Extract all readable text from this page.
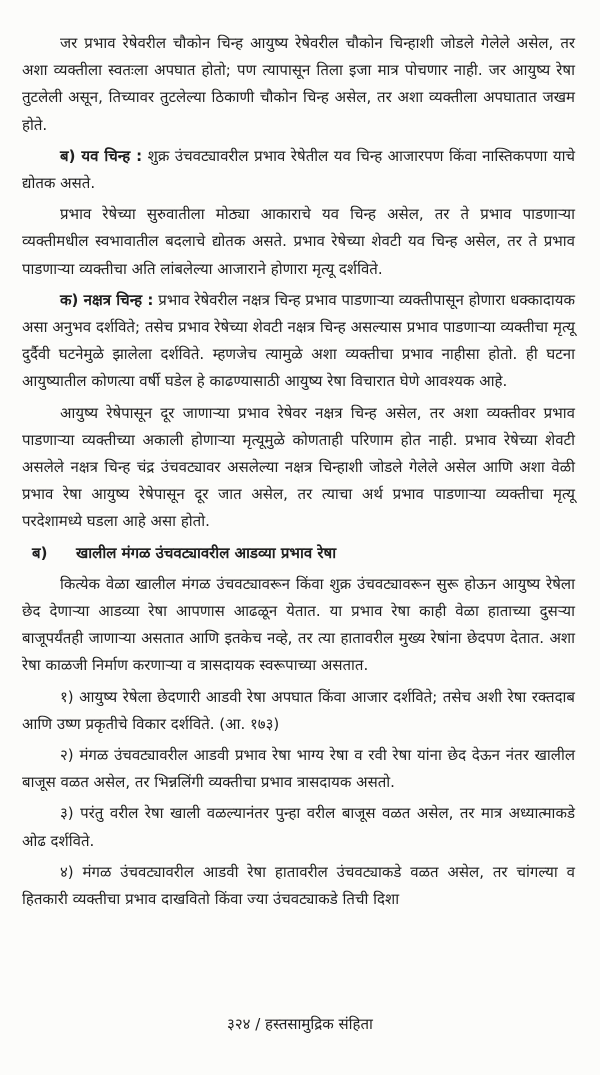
जर प्रभाव रेषेवरील चौकोन चिन्ह आयुष्य रेषेवरील चौकोन चिन्हाशी जोडले गेलेले असेल, तर अशा व्यक्तीला स्वतःला अपघात होतो; पण त्यापासून तिला इजा मात्र पोचणार नाही. जर आयुष्य रेषा तुटलेली असून, तिच्यावर तुटलेल्या ठिकाणी चौकोन चिन्ह असेल, तर अशा व्यक्तीला अपघातात जखम होते.

ब) यव चिन्ह : शुक्र उंचवट्यावरील प्रभाव रेषेतील यव चिन्ह आजारपण किंवा नास्तिकपणा याचे द्योतक असते.

प्रभाव रेषेच्या सुरुवातीला मोठ्या आकाराचे यव चिन्ह असेल, तर ते प्रभाव पाडणाऱ्या व्यक्तीमधील स्वभावातील बदलाचे द्योतक असते. प्रभाव रेषेच्या शेवटी यव चिन्ह असेल, तर ते प्रभाव पाडणाऱ्या व्यक्तीचा अति लांबलेल्या आजाराने होणारा मृत्यू दर्शविते.

क) नक्षत्र चिन्ह : प्रभाव रेषेवरील नक्षत्र चिन्ह प्रभाव पाडणाऱ्या व्यक्तीपासून होणारा धक्कादायक असा अनुभव दर्शविते; तसेच प्रभाव रेषेच्या शेवटी नक्षत्र चिन्ह असल्यास प्रभाव पाडणाऱ्या व्यक्तीचा मृत्यू दुर्दैवी घटनेमुळे झालेला दर्शविते. म्हणजेच त्यामुळे अशा व्यक्तीचा प्रभाव नाहीसा होतो. ही घटना आयुष्यातील कोणत्या वर्षी घडेल हे काढण्यासाठी आयुष्य रेषा विचारात घेणे आवश्यक आहे.

आयुष्य रेषेपासून दूर जाणाऱ्या प्रभाव रेषेवर नक्षत्र चिन्ह असेल, तर अशा व्यक्तीवर प्रभाव पाडणाऱ्या व्यक्तीच्या अकाली होणाऱ्या मृत्यूमुळे कोणताही परिणाम होत नाही. प्रभाव रेषेच्या शेवटी असलेले नक्षत्र चिन्ह चंद्र उंचवट्यावर असलेल्या नक्षत्र चिन्हाशी जोडले गेलेले असेल आणि अशा वेळी प्रभाव रेषा आयुष्य रेषेपासून दूर जात असेल, तर त्याचा अर्थ प्रभाव पाडणाऱ्या व्यक्तीचा मृत्यू परदेशामध्ये घडला आहे असा होतो.

ब) खालील मंगळ उंचवट्यावरील आडव्या प्रभाव रेषा

कित्येक वेळा खालील मंगळ उंचवट्यावरून किंवा शुक्र उंचवट्यावरून सुरू होऊन आयुष्य रेषेला छेद देणाऱ्या आडव्या रेषा आपणास आढळून येतात. या प्रभाव रेषा काही वेळा हाताच्या दुसऱ्या बाजूपर्यंतही जाणाऱ्या असतात आणि इतकेच नव्हे, तर त्या हातावरील मुख्य रेषांना छेदपण देतात. अशा रेषा काळजी निर्माण करणाऱ्या व त्रासदायक स्वरूपाच्या असतात.

१) आयुष्य रेषेला छेदणारी आडवी रेषा अपघात किंवा आजार दर्शविते; तसेच अशी रेषा रक्तदाब आणि उष्ण प्रकृतीचे विकार दर्शविते. (आ. १७३)

२) मंगळ उंचवट्यावरील आडवी प्रभाव रेषा भाग्य रेषा व रवी रेषा यांना छेद देऊन नंतर खालील बाजूस वळत असेल, तर भिन्नलिंगी व्यक्तीचा प्रभाव त्रासदायक असतो.

३) परंतु वरील रेषा खाली वळल्यानंतर पुन्हा वरील बाजूस वळत असेल, तर मात्र अध्यात्माकडे ओढ दर्शविते.

४) मंगळ उंचवट्यावरील आडवी रेषा हातावरील उंचवट्याकडे वळत असेल, तर चांगल्या व हितकारी व्यक्तीचा प्रभाव दाखवितो किंवा ज्या उंचवट्याकडे तिची दिशा

३२४ / हस्तसामुद्रिक संहिता
